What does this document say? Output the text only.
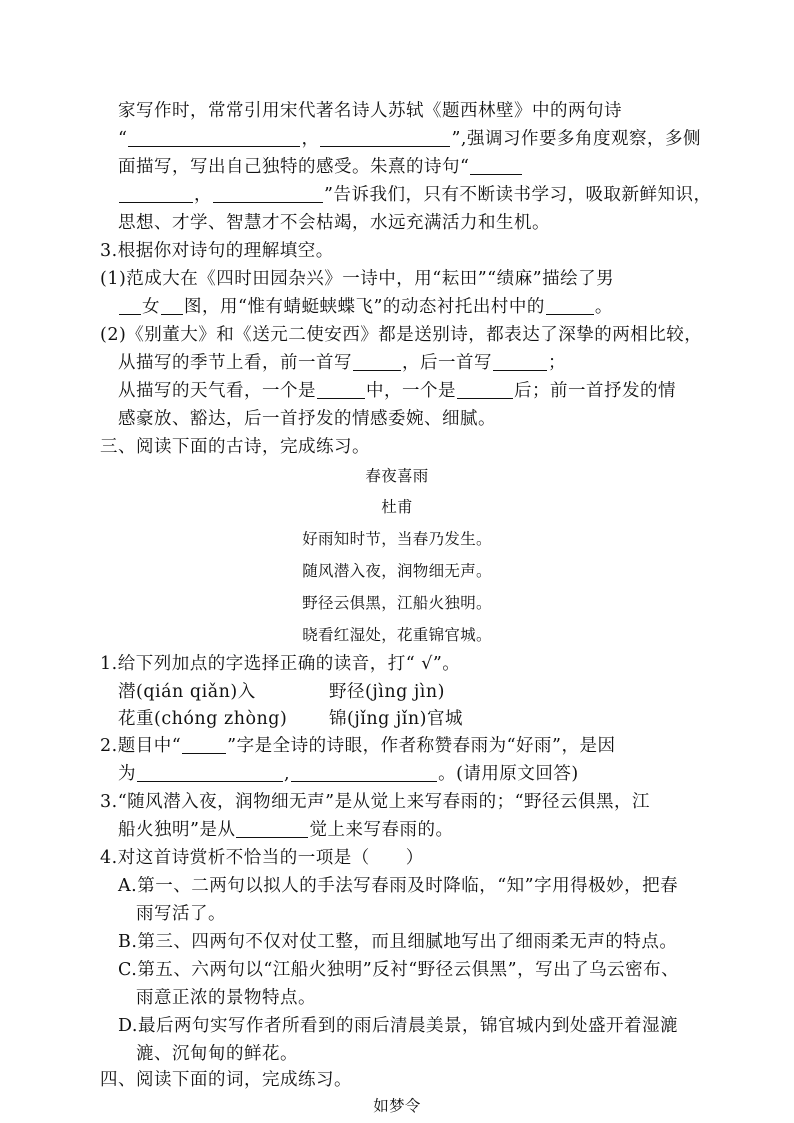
家写作时，常常引用宋代著名诗人苏轼《题西林壁》中的两句诗
“	，	”,强调习作要多角度观察，多侧
面描写，写出自己独特的感受。朱熹的诗句“
，	”告诉我们，只有不断读书学习，吸取新鲜知识，
思想、才学、智慧才不会枯竭，水远充满活力和生机。
3.根据你对诗句的理解填空。
(1)范成大在《四时田园杂兴》一诗中，用“耘田”“绩麻”描绘了男
女 图，用“惟有蜻蜓蛱蝶飞”的动态衬托出村中的	。
(2)《别董大》和《送元二使安西》都是送别诗，都表达了深挚的两相比较，
从描写的季节上看，前一首写	，后一首写	；
从描写的天气看，一个是	中，一个是	后；前一首抒发的情
感豪放、豁达，后一首抒发的情感委婉、细腻。
三、阅读下面的古诗，完成练习。
春夜喜雨
杜甫
好雨知时节，当春乃发生。
随风潜入夜，润物细无声。
野径云俱黑，江船火独明。
晓看红湿处，花重锦官城。
1.给下列加点的字选择正确的读音，打“ √”。
潜(qián qiǎn)入	野径(jìng jìn)
花重(chóng zhòng) 锦(jǐng jǐn)官城
2.题目中“	”字是全诗的诗眼，作者称赞春雨为“好雨”，是因
为	,	。(请用原文回答)
3.“随风潜入夜，润物细无声”是从觉上来写春雨的；“野径云俱黑，江
船火独明”是从	觉上来写春雨的。
4.对这首诗赏析不恰当的一项是（　　）
A.第一、二两句以拟人的手法写春雨及时降临，“知”字用得极妙，把春
雨写活了。
B.第三、四两句不仅对仗工整，而且细腻地写出了细雨柔无声的特点。
C.第五、六两句以“江船火独明”反衬“野径云俱黑”，写出了乌云密布、
雨意正浓的景物特点。
D.最后两句实写作者所看到的雨后清晨美景，锦官城内到处盛开着湿漉
漉、沉甸甸的鲜花。
四、阅读下面的词，完成练习。
如梦令
